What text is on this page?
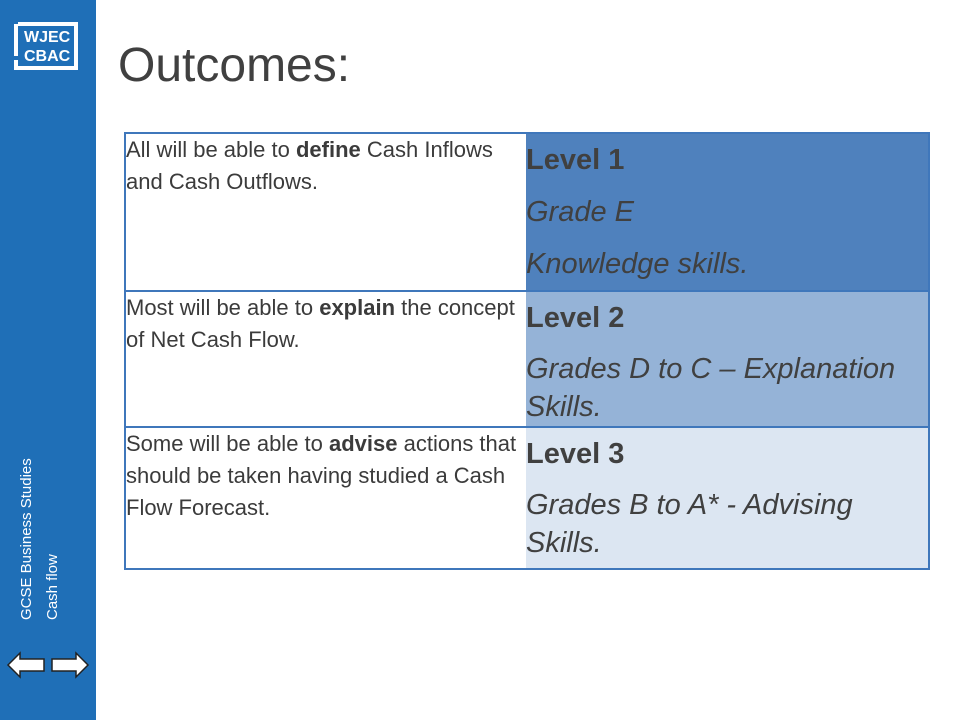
WJEC
CBAC
GCSE Business Studies Cash flow
Outcomes:
All will be able to define Cash Inflows and Cash Outflows.	Level 1
Grade E
Knowledge skills.

Most will be able to explain the concept of Net Cash Flow.	Level 2
Grades D to C – Explanation Skills.

Some will be able to advise actions that should be taken having studied a Cash Flow Forecast.	Level 3
Grades B to A* - Advising Skills.
